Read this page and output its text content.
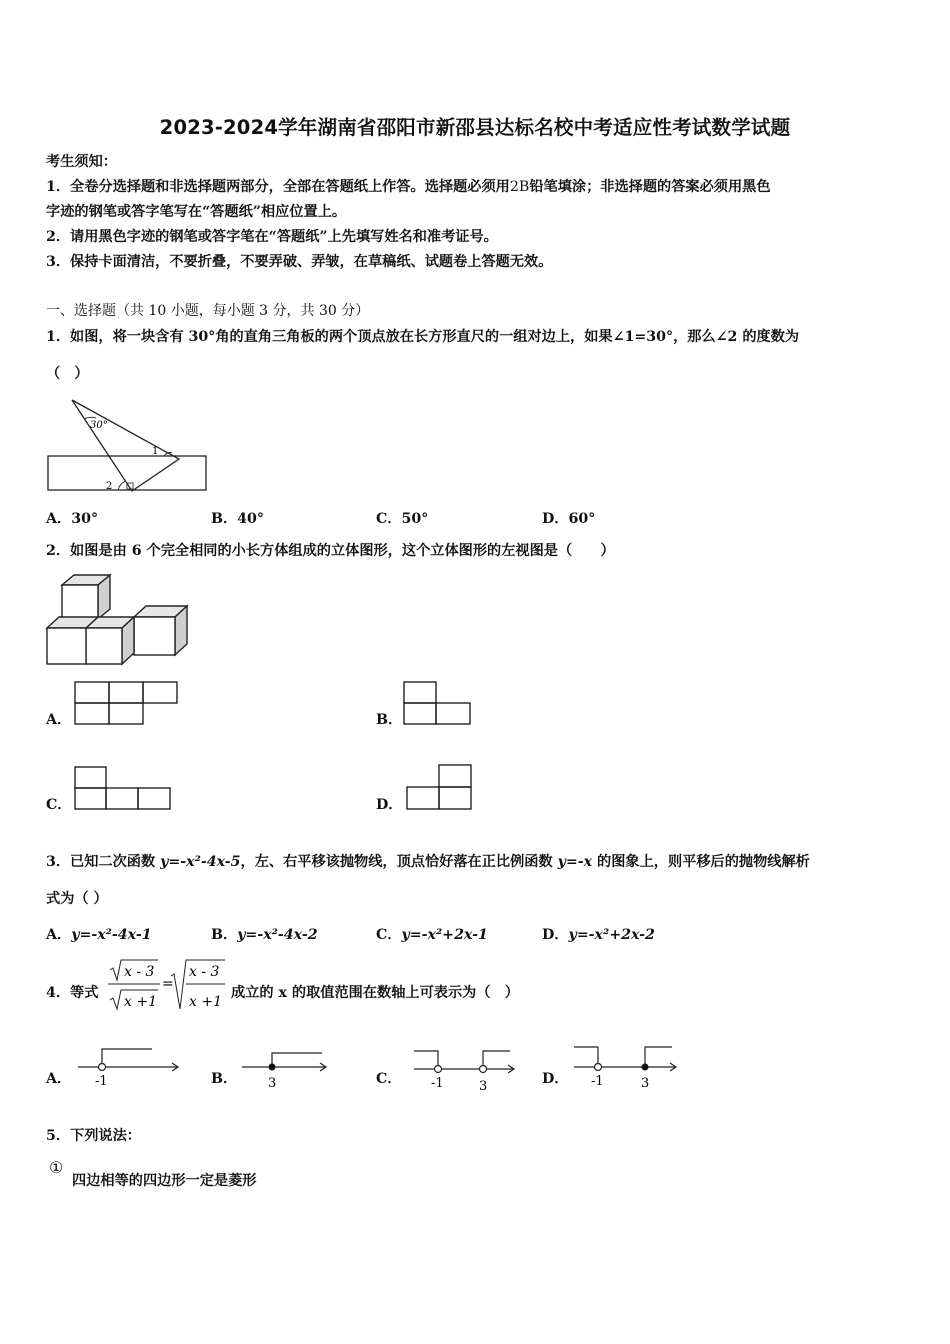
2023-2024学年湖南省邵阳市新邵县达标名校中考适应性考试数学试题
考生须知：
1．全卷分选择题和非选择题两部分，全部在答题纸上作答。选择题必须用2B铅笔填涂；非选择题的答案必须用黑色
字迹的钢笔或答字笔写在“答题纸”相应位置上。
2．请用黑色字迹的钢笔或答字笔在“答题纸”上先填写姓名和准考证号。
3．保持卡面清洁，不要折叠，不要弄破、弄皱，在草稿纸、试题卷上答题无效。
一、选择题（共 10 小题，每小题 3 分，共 30 分）
1．如图，将一块含有 30°角的直角三角板的两个顶点放在长方形直尺的一组对边上，如果∠1=30°，那么∠2 的度数为
（　）
30°
1
2
A．30°	B．40°	C．50°	D．60°
2．如图是由 6 个完全相同的小长方体组成的立体图形，这个立体图形的左视图是（　　）
A．	B．
C．	D．
3．已知二次函数 y=-x²-4x-5，左、右平移该抛物线，顶点恰好落在正比例函数 y=-x 的图象上，则平移后的抛物线解析
式为（ ）
A．y=-x²-4x-1	B．y=-x²-4x-2	C．y=-x²+2x-1	D．y=-x²+2x-2
4．等式
x - 3
x +1
=
x - 3
x +1
成立的 x 的取值范围在数轴上可表示为（　）
A． -1	B． 3	C． -1	3	D． -1	3
5．下列说法：
①
四边相等的四边形一定是菱形
